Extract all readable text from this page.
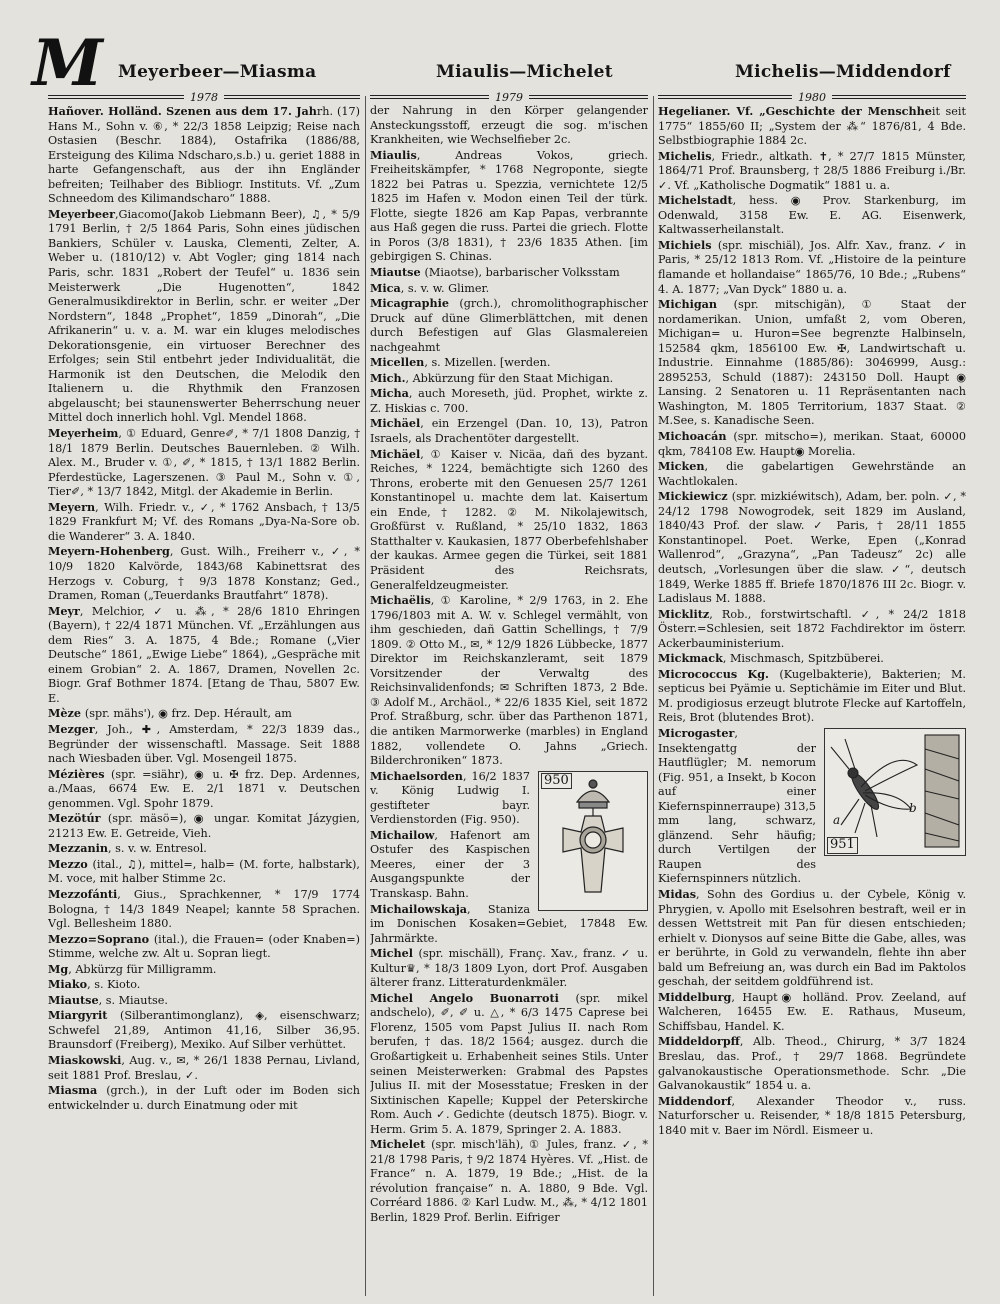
M Meyerbeer—Miasma
1978

Hañover. Holländ. Szenen aus dem 17. Jahrh. (17) Hans M., Sohn v. ⑥, * 22/3 1858 Leipzig; Reise nach Ostasien (Beschr. 1884), Ostafrika (1886/88, Ersteigung des Kilima Ndscharo,s.b.) u. geriet 1888 in harte Gefangenschaft, aus der ihn Engländer befreiten; Teilhaber des Bibliogr. Instituts. Vf. „Zum Schneedom des Kilimandscharo“ 1888.

Meyerbeer,Giacomo(Jakob Liebmann Beer), ♫, * 5/9 1791 Berlin, † 2/5 1864 Paris, Sohn eines jüdischen Bankiers, Schüler v. Lauska, Clementi, Zelter, A. Weber u. (1810/12) v. Abt Vogler; ging 1814 nach Paris, schr. 1831 „Robert der Teufel“ u. 1836 sein Meisterwerk „Die Hugenotten“, 1842 Generalmusikdirektor in Berlin, schr. er weiter „Der Nordstern“, 1848 „Prophet“, 1859 „Dinorah“, „Die Afrikanerin“ u. v. a. M. war ein kluges melodisches Dekorationsgenie, ein virtuoser Berechner des Erfolges; sein Stil entbehrt jeder Individualität, die Harmonik ist den Deutschen, die Melodik den Italienern u. die Rhythmik den Franzosen abgelauscht; bei staunenswerter Beherrschung neuer Mittel doch innerlich hohl. Vgl. Mendel 1868.

Meyerheim, ① Eduard, Genre✐, * 7/1 1808 Danzig, † 18/1 1879 Berlin. Deutsches Bauernleben. ② Wilh. Alex. M., Bruder v. ①, ✐, * 1815, † 13/1 1882 Berlin. Pferdestücke, Lagerszenen. ③ Paul M., Sohn v. ①, Tier✐, * 13/7 1842, Mitgl. der Akademie in Berlin.

Meyern, Wilh. Friedr. v., ✓, * 1762 Ansbach, † 13/5 1829 Frankfurt M; Vf. des Romans „Dya-Na-Sore ob. die Wanderer“ 3. A. 1840.

Meyern-Hohenberg, Gust. Wilh., Freiherr v., ✓, * 10/9 1820 Kalvörde, 1843/68 Kabinettsrat des Herzogs v. Coburg, † 9/3 1878 Konstanz; Ged., Dramen, Roman („Teuerdanks Brautfahrt“ 1878).

Meyr, Melchior, ✓ u. ⁂, * 28/6 1810 Ehringen (Bayern), † 22/4 1871 München. Vf. „Erzählungen aus dem Ries“ 3. A. 1875, 4 Bde.; Romane („Vier Deutsche“ 1861, „Ewige Liebe“ 1864), „Gespräche mit einem Grobian“ 2. A. 1867, Dramen, Novellen 2c. Biogr. Graf Bothmer 1874. [Etang de Thau, 5807 Ew. E.

Mèze (spr. mähs'), ◉ frz. Dep. Hérault, am

Mezger, Joh., ✚, Amsterdam, * 22/3 1839 das., Begründer der wissenschaftl. Massage. Seit 1888 nach Wiesbaden über. Vgl. Mosengeil 1875.

Mézières (spr. =siähr), ◉ u. ✠ frz. Dep. Ardennes, a./Maas, 6674 Ew. E. 2/1 1871 v. Deutschen genommen. Vgl. Spohr 1879.

Mezötúr (spr. mäsö=), ◉ ungar. Komitat Jázygien, 21213 Ew. E. Getreide, Vieh.

Mezzanin, s. v. w. Entresol.

Mezzo (ital., ♫), mittel=, halb= (M. forte, halbstark), M. voce, mit halber Stimme 2c.

Mezzofánti, Gius., Sprachkenner, * 17/9 1774 Bologna, † 14/3 1849 Neapel; kannte 58 Sprachen. Vgl. Bellesheim 1880.

Mezzo=Soprano (ital.), die Frauen= (oder Knaben=) Stimme, welche zw. Alt u. Sopran liegt.

Mg, Abkürzg für Milligramm.

Miako, s. Kioto.

Miautse, s. Miautse.

Miargyrit (Silberantimonglanz), ◈, eisenschwarz; Schwefel 21,89, Antimon 41,16, Silber 36,95. Braunsdorf (Freiberg), Mexiko. Auf Silber verhüttet.

Miaskowski, Aug. v., ✉, * 26/1 1838 Pernau, Livland, seit 1881 Prof. Breslau, ✓.

Miasma (grch.), in der Luft oder im Boden sich entwickelnder u. durch Einatmung oder mit

Miaulis—Michelet
1979

der Nahrung in den Körper gelangender Ansteckungsstoff, erzeugt die sog. m'ischen Krankheiten, wie Wechselfieber 2c.

Miaulis, Andreas Vokos, griech. Freiheitskämpfer, * 1768 Negroponte, siegte 1822 bei Patras u. Spezzia, vernichtete 12/5 1825 im Hafen v. Modon einen Teil der türk. Flotte, siegte 1826 am Kap Papas, verbrannte aus Haß gegen die russ. Partei die griech. Flotte in Poros (3/8 1831), † 23/6 1835 Athen. [im gebirgigen S. Chinas.

Miautse (Miaotse), barbarischer Volksstam

Mica, s. v. w. Glimer.

Micagraphie (grch.), chromolithographischer Druck auf düne Glimerblättchen, mit denen durch Befestigen auf Glas Glasmalereien nachgeahmt

Micellen, s. Mizellen. [werden.

Mich., Abkürzung für den Staat Michigan.

Micha, auch Moreseth, jüd. Prophet, wirkte z. Z. Hiskias c. 700.

Michäel, ein Erzengel (Dan. 10, 13), Patron Israels, als Drachentöter dargestellt.

Michäel, ① Kaiser v. Nicäa, dañ des byzant. Reiches, * 1224, bemächtigte sich 1260 des Throns, eroberte mit den Genuesen 25/7 1261 Konstantinopel u. machte dem lat. Kaisertum ein Ende, † 1282. ② M. Nikolajewitsch, Großfürst v. Rußland, * 25/10 1832, 1863 Statthalter v. Kaukasien, 1877 Oberbefehlshaber der kaukas. Armee gegen die Türkei, seit 1881 Präsident des Reichsrats, Generalfeldzeugmeister.

Michaëlis, ① Karoline, * 2/9 1763, in 2. Ehe 1796/1803 mit A. W. v. Schlegel vermählt, von ihm geschieden, dañ Gattin Schellings, † 7/9 1809. ② Otto M., ✉, * 12/9 1826 Lübbecke, 1877 Direktor im Reichskanzleramt, seit 1879 Vorsitzender der Verwaltg des Reichsinvalidenfonds; ✉ Schriften 1873, 2 Bde. ③ Adolf M., Archäol., * 22/6 1835 Kiel, seit 1872 Prof. Straßburg, schr. über das Parthenon 1871, die antiken Marmorwerke (marbles) in England 1882, vollendete O. Jahns „Griech. Bilderchroniken“ 1873.

950

Michaelsorden, 16/2 1837 v. König Ludwig I. gestifteter bayr. Verdienstorden (Fig. 950).

Michailow, Hafenort am Ostufer des Kaspischen Meeres, einer der 3 Ausgangspunkte der Transkasp. Bahn.

Michailowskaja, Staniza im Donischen Kosaken=Gebiet, 17848 Ew. Jahrmärkte.

Michel (spr. mischäll), Franç. Xav., franz. ✓ u. Kultur♛, * 18/3 1809 Lyon, dort Prof. Ausgaben älterer franz. Litteraturdenkmäler.

Michel Angelo Buonarroti (spr. mikel andschelo), ✐, ✐ u. △, * 6/3 1475 Caprese bei Florenz, 1505 vom Papst Julius II. nach Rom berufen, † das. 18/2 1564; ausgez. durch die Großartigkeit u. Erhabenheit seines Stils. Unter seinen Meisterwerken: Grabmal des Papstes Julius II. mit der Mosesstatue; Fresken in der Sixtinischen Kapelle; Kuppel der Peterskirche Rom. Auch ✓. Gedichte (deutsch 1875). Biogr. v. Herm. Grim 5. A. 1879, Springer 2. A. 1883.

Michelet (spr. misch'läh), ① Jules, franz. ✓, * 21/8 1798 Paris, † 9/2 1874 Hyères. Vf. „Hist. de France“ n. A. 1879, 19 Bde.; „Hist. de la révolution française“ n. A. 1880, 9 Bde. Vgl. Corréard 1886. ② Karl Ludw. M., ⁂, * 4/12 1801 Berlin, 1829 Prof. Berlin. Eifriger

Michelis—Middendorf
1980

Hegelianer. Vf. „Geschichte der Menschheit seit 1775“ 1855/60 II; „System der ⁂“ 1876/81, 4 Bde. Selbstbiographie 1884 2c.

Michelis, Friedr., altkath. ✝, * 27/7 1815 Münster, 1864/71 Prof. Braunsberg, † 28/5 1886 Freiburg i./Br. ✓. Vf. „Katholische Dogmatik“ 1881 u. a.

Michelstadt, hess. ◉ Prov. Starkenburg, im Odenwald, 3158 Ew. E. AG. Eisenwerk, Kaltwasserheilanstalt.

Michiels (spr. mischiäl), Jos. Alfr. Xav., franz. ✓ in Paris, * 25/12 1813 Rom. Vf. „Histoire de la peinture flamande et hollandaise“ 1865/76, 10 Bde.; „Rubens“ 4. A. 1877; „Van Dyck“ 1880 u. a.

Michigan (spr. mitschigän), ① Staat der nordamerikan. Union, umfaßt 2, vom Oberen, Michigan= u. Huron=See begrenzte Halbinseln, 152584 qkm, 1856100 Ew. ✠, Landwirtschaft u. Industrie. Einnahme (1885/86): 3046999, Ausg.: 2895253, Schuld (1887): 243150 Doll. Haupt◉ Lansing. 2 Senatoren u. 11 Repräsentanten nach Washington, M. 1805 Territorium, 1837 Staat. ② M.See, s. Kanadische Seen.

Michoacán (spr. mitscho=), merikan. Staat, 60000 qkm, 784108 Ew. Haupt◉ Morelia.

Micken, die gabelartigen Gewehrstände an Wachtlokalen.

Mickiewicz (spr. mizkiéwitsch), Adam, ber. poln. ✓, * 24/12 1798 Nowogrodek, seit 1829 im Ausland, 1840/43 Prof. der slaw. ✓ Paris, † 28/11 1855 Konstantinopel. Poet. Werke, Epen („Konrad Wallenrod“, „Grazyna“, „Pan Tadeusz“ 2c) alle deutsch, „Vorlesungen über die slaw. ✓“, deutsch 1849, Werke 1885 ff. Briefe 1870/1876 III 2c. Biogr. v. Ladislaus M. 1888.

Micklitz, Rob., forstwirtschaftl. ✓, * 24/2 1818 Österr.=Schlesien, seit 1872 Fachdirektor im österr. Ackerbauministerium.

Mickmack, Mischmasch, Spitzbüberei.

Micrococcus Kg. (Kugelbakterie), Bakterien; M. septicus bei Pyämie u. Septichämie im Eiter und Blut. M. prodigiosus erzeugt blutrote Flecke auf Kartoffeln, Reis, Brot (blutendes Brot).

a
b
951

Microgaster, Insektengattg der Hautflügler; M. nemorum (Fig. 951, a Insekt, b Kocon auf einer Kiefernspinnerraupe) 313,5 mm lang, schwarz, glänzend. Sehr häufig; durch Vertilgen der Raupen des Kiefernspinners nützlich.

Midas, Sohn des Gordius u. der Cybele, König v. Phrygien, v. Apollo mit Eselsohren bestraft, weil er in dessen Wettstreit mit Pan für diesen entschieden; erhielt v. Dionysos auf seine Bitte die Gabe, alles, was er berührte, in Gold zu verwandeln, flehte ihn aber bald um Befreiung an, was durch ein Bad im Paktolos geschah, der seitdem goldführend ist.

Middelburg, Haupt◉ holländ. Prov. Zeeland, auf Walcheren, 16455 Ew. E. Rathaus, Museum, Schiffsbau, Handel. K.

Middeldorpff, Alb. Theod., Chirurg, * 3/7 1824 Breslau, das. Prof., † 29/7 1868. Begründete galvanokaustische Operationsmethode. Schr. „Die Galvanokaustik“ 1854 u. a.

Middendorf, Alexander Theodor v., russ. Naturforscher u. Reisender, * 18/8 1815 Petersburg, 1840 mit v. Baer im Nördl. Eismeer u.
